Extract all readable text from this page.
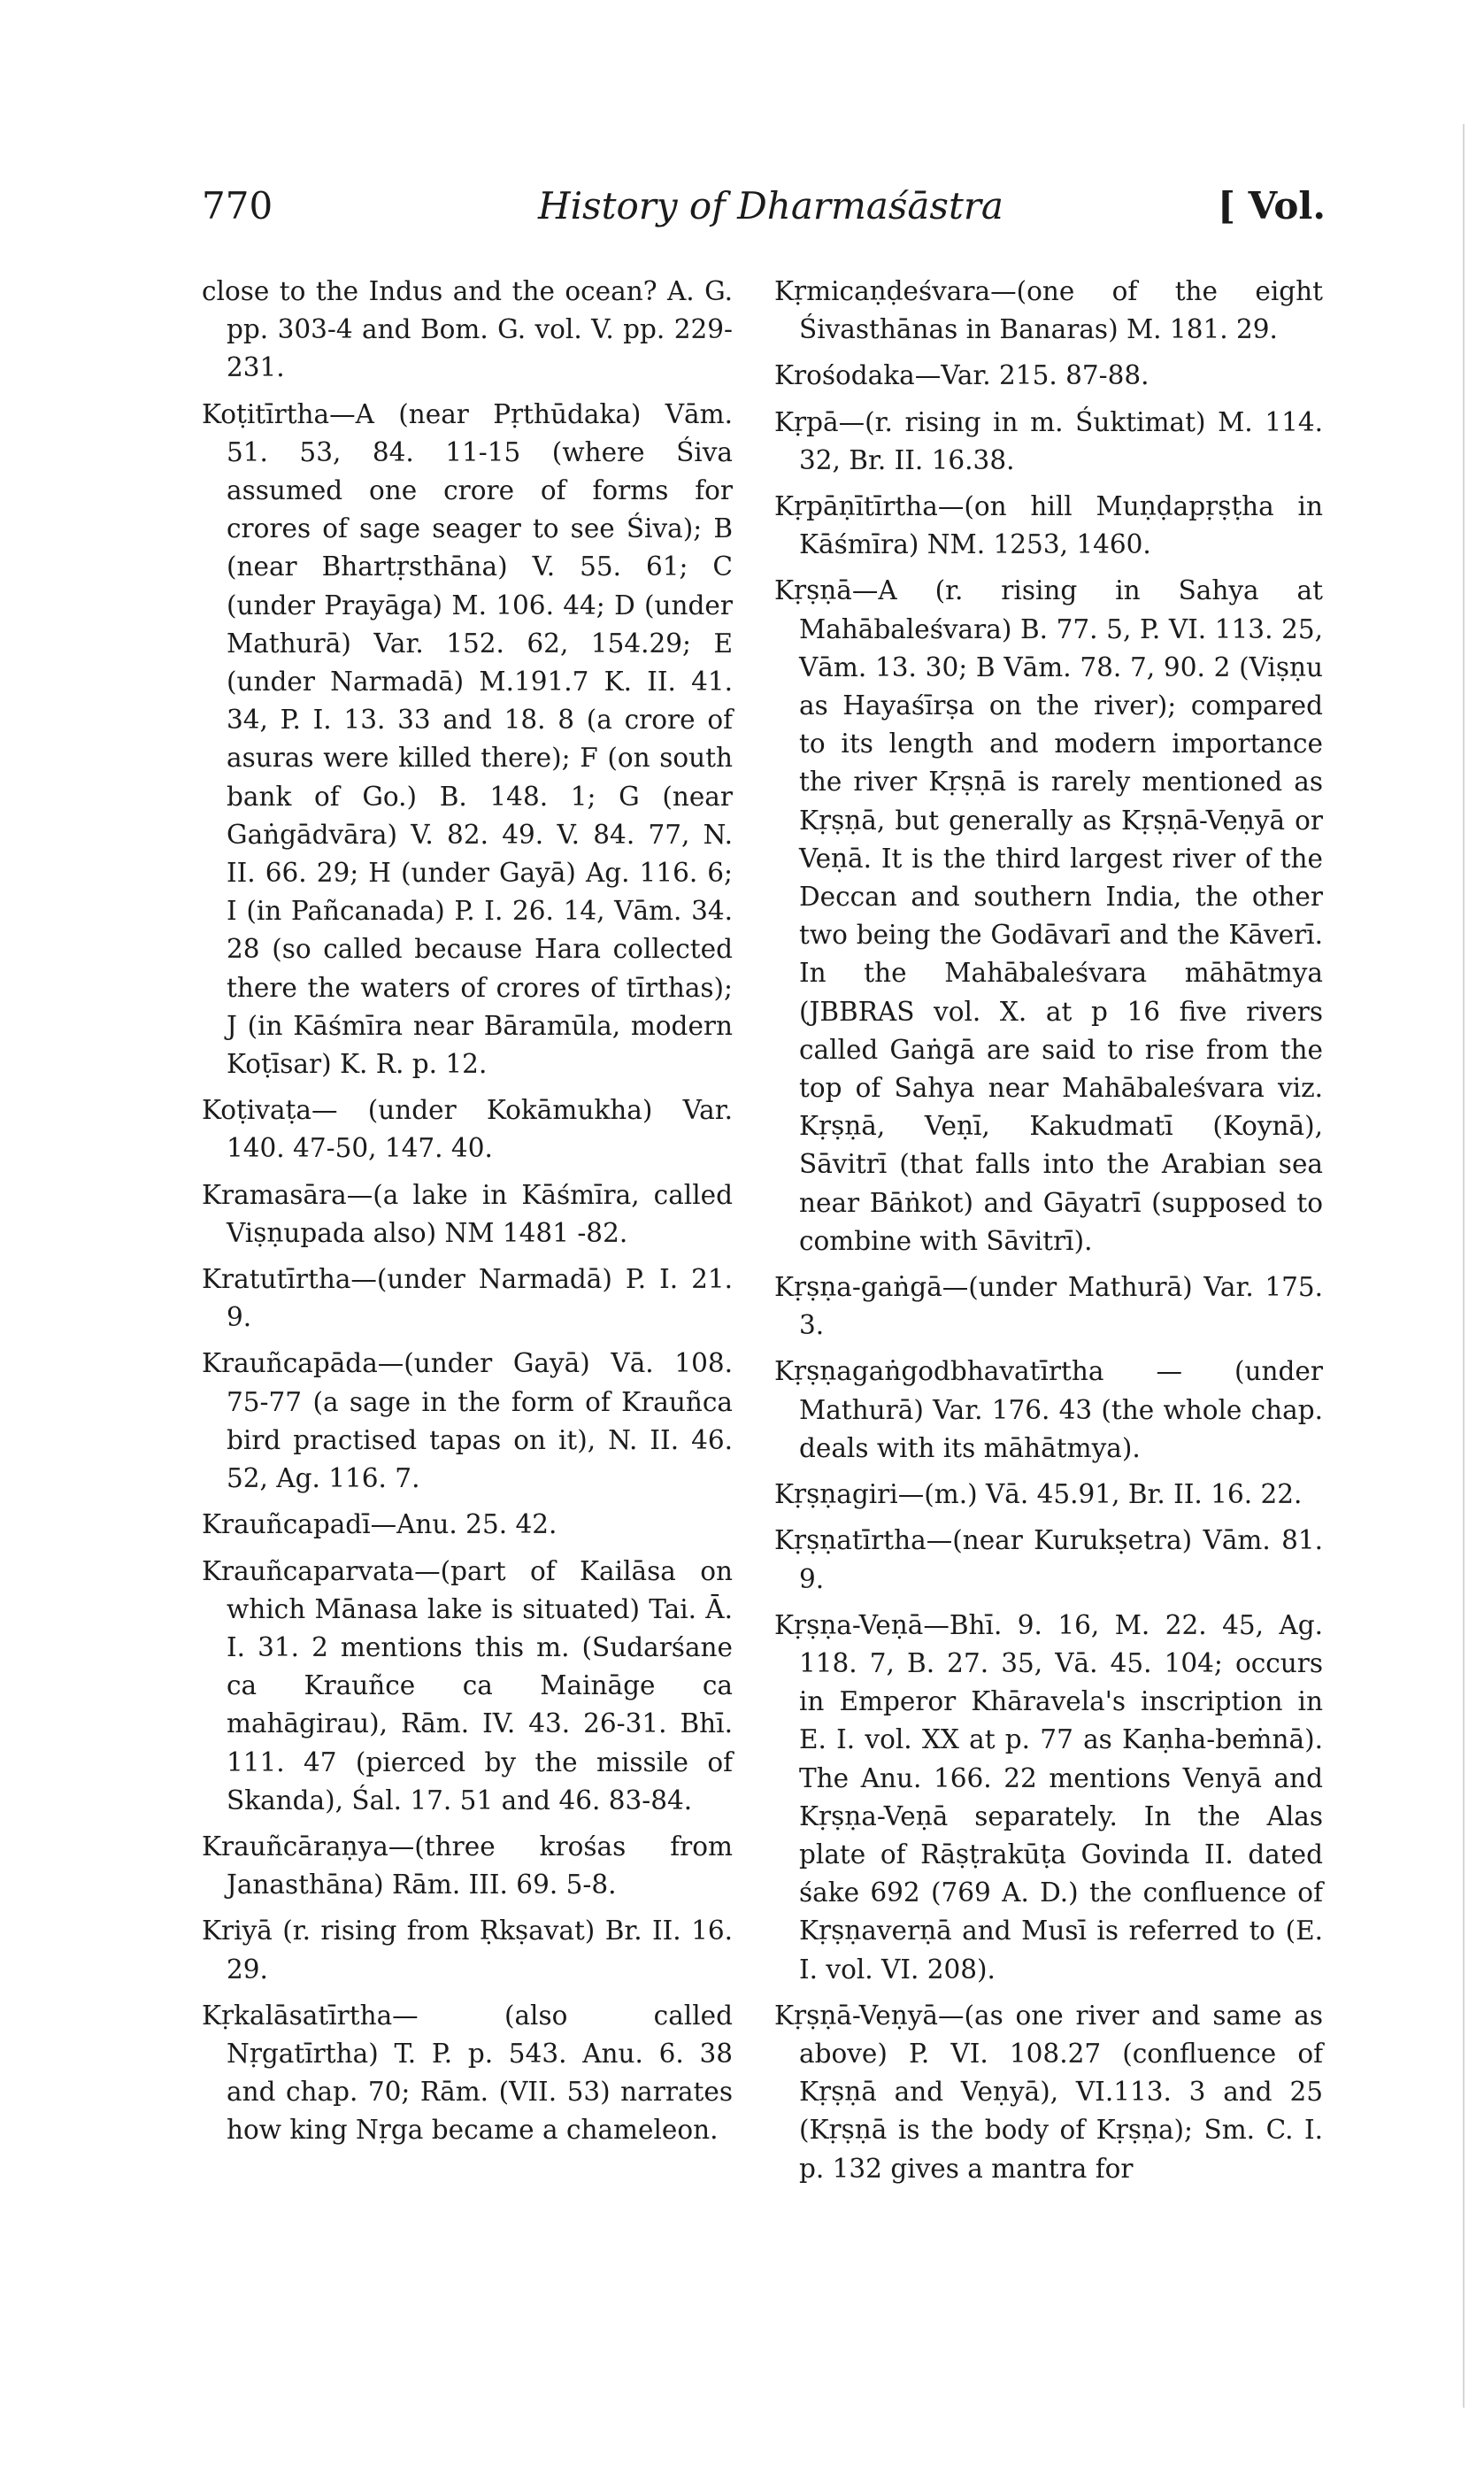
770	History of Dharmaśāstra	[ Vol.

close to the Indus and the ocean? A. G. pp. 303-4 and Bom. G. vol. V. pp. 229-231.

Koṭitīrtha—A (near Pṛthūdaka) Vām. 51. 53, 84. 11-15 (where Śiva assumed one crore of forms for crores of sage seager to see Śiva); B (near Bhartṛsthāna) V. 55. 61; C (under Prayāga) M. 106. 44; D (under Mathurā) Var. 152. 62, 154.29; E (under Narmadā) M.191.7 K. II. 41. 34, P. I. 13. 33 and 18. 8 (a crore of asuras were killed there); F (on south bank of Go.) B. 148. 1; G (near Gaṅgādvāra) V. 82. 49. V. 84. 77, N. II. 66. 29; H (under Gayā) Ag. 116. 6; I (in Pañcanada) P. I. 26. 14, Vām. 34. 28 (so called because Hara collected there the waters of crores of tīrthas); J (in Kāśmīra near Bāramūla, modern Koṭīsar) K. R. p. 12.

Koṭivaṭa— (under Kokāmukha) Var. 140. 47-50, 147. 40.

Kramasāra—(a lake in Kāśmīra, called Viṣṇupada also) NM 1481 -82.

Kratutīrtha—(under Narmadā) P. I. 21. 9.

Krauñcapāda—(under Gayā) Vā. 108. 75-77 (a sage in the form of Krauñca bird practised tapas on it), N. II. 46. 52, Ag. 116. 7.

Krauñcapadī—Anu. 25. 42.

Krauñcaparvata—(part of Kailāsa on which Mānasa lake is situated) Tai. Ā. I. 31. 2 mentions this m. (Sudarśane ca Krauñce ca Maināge ca mahāgirau), Rām. IV. 43. 26-31. Bhī. 111. 47 (pierced by the missile of Skanda), Śal. 17. 51 and 46. 83-84.

Krauñcāraṇya—(three krośas from Janasthāna) Rām. III. 69. 5-8.

Kriyā (r. rising from Ṛkṣavat) Br. II. 16. 29.

Kṛkalāsatīrtha— (also called Nṛgatīrtha) T. P. p. 543. Anu. 6. 38 and chap. 70; Rām. (VII. 53) narrates how king Nṛga became a chameleon.

Kṛmicaṇḍeśvara—(one of the eight Śivasthānas in Banaras) M. 181. 29.

Krośodaka—Var. 215. 87-88.

Kṛpā—(r. rising in m. Śuktimat) M. 114. 32, Br. II. 16.38.

Kṛpāṇītīrtha—(on hill Muṇḍapṛṣṭha in Kāśmīra) NM. 1253, 1460.

Kṛṣṇā—A (r. rising in Sahya at Mahābaleśvara) B. 77. 5, P. VI. 113. 25, Vām. 13. 30; B Vām. 78. 7, 90. 2 (Viṣṇu as Hayaśīrṣa on the river); compared to its length and modern importance the river Kṛṣṇā is rarely mentioned as Kṛṣṇā, but generally as Kṛṣṇā-Veṇyā or Veṇā. It is the third largest river of the Deccan and southern India, the other two being the Godāvarī and the Kāverī. In the Mahābaleśvara māhātmya (JBBRAS vol. X. at p 16 five rivers called Gaṅgā are said to rise from the top of Sahya near Mahābaleśvara viz. Kṛṣṇā, Veṇī, Kakudmatī (Koynā), Sāvitrī (that falls into the Arabian sea near Bāṅkot) and Gāyatrī (supposed to combine with Sāvitrī).

Kṛṣṇa-gaṅgā—(under Mathurā) Var. 175. 3.

Kṛṣṇagaṅgodbhavatīrtha — (under Mathurā) Var. 176. 43 (the whole chap. deals with its māhātmya).

Kṛṣṇagiri—(m.) Vā. 45.91, Br. II. 16. 22.

Kṛṣṇatīrtha—(near Kurukṣetra) Vām. 81. 9.

Kṛṣṇa-Veṇā—Bhī. 9. 16, M. 22. 45, Ag. 118. 7, B. 27. 35, Vā. 45. 104; occurs in Emperor Khāravela's inscription in E. I. vol. XX at p. 77 as Kaṇha-beṁnā). The Anu. 166. 22 mentions Venyā and Kṛṣṇa-Veṇā separately. In the Alas plate of Rāṣṭrakūṭa Govinda II. dated śake 692 (769 A. D.) the confluence of Kṛṣṇaverṇā and Musī is referred to (E. I. vol. VI. 208).

Kṛṣṇā-Veṇyā—(as one river and same as above) P. VI. 108.27 (confluence of Kṛṣṇā and Veṇyā), VI.113. 3 and 25 (Kṛṣṇā is the body of Kṛṣṇa); Sm. C. I. p. 132 gives a mantra for
